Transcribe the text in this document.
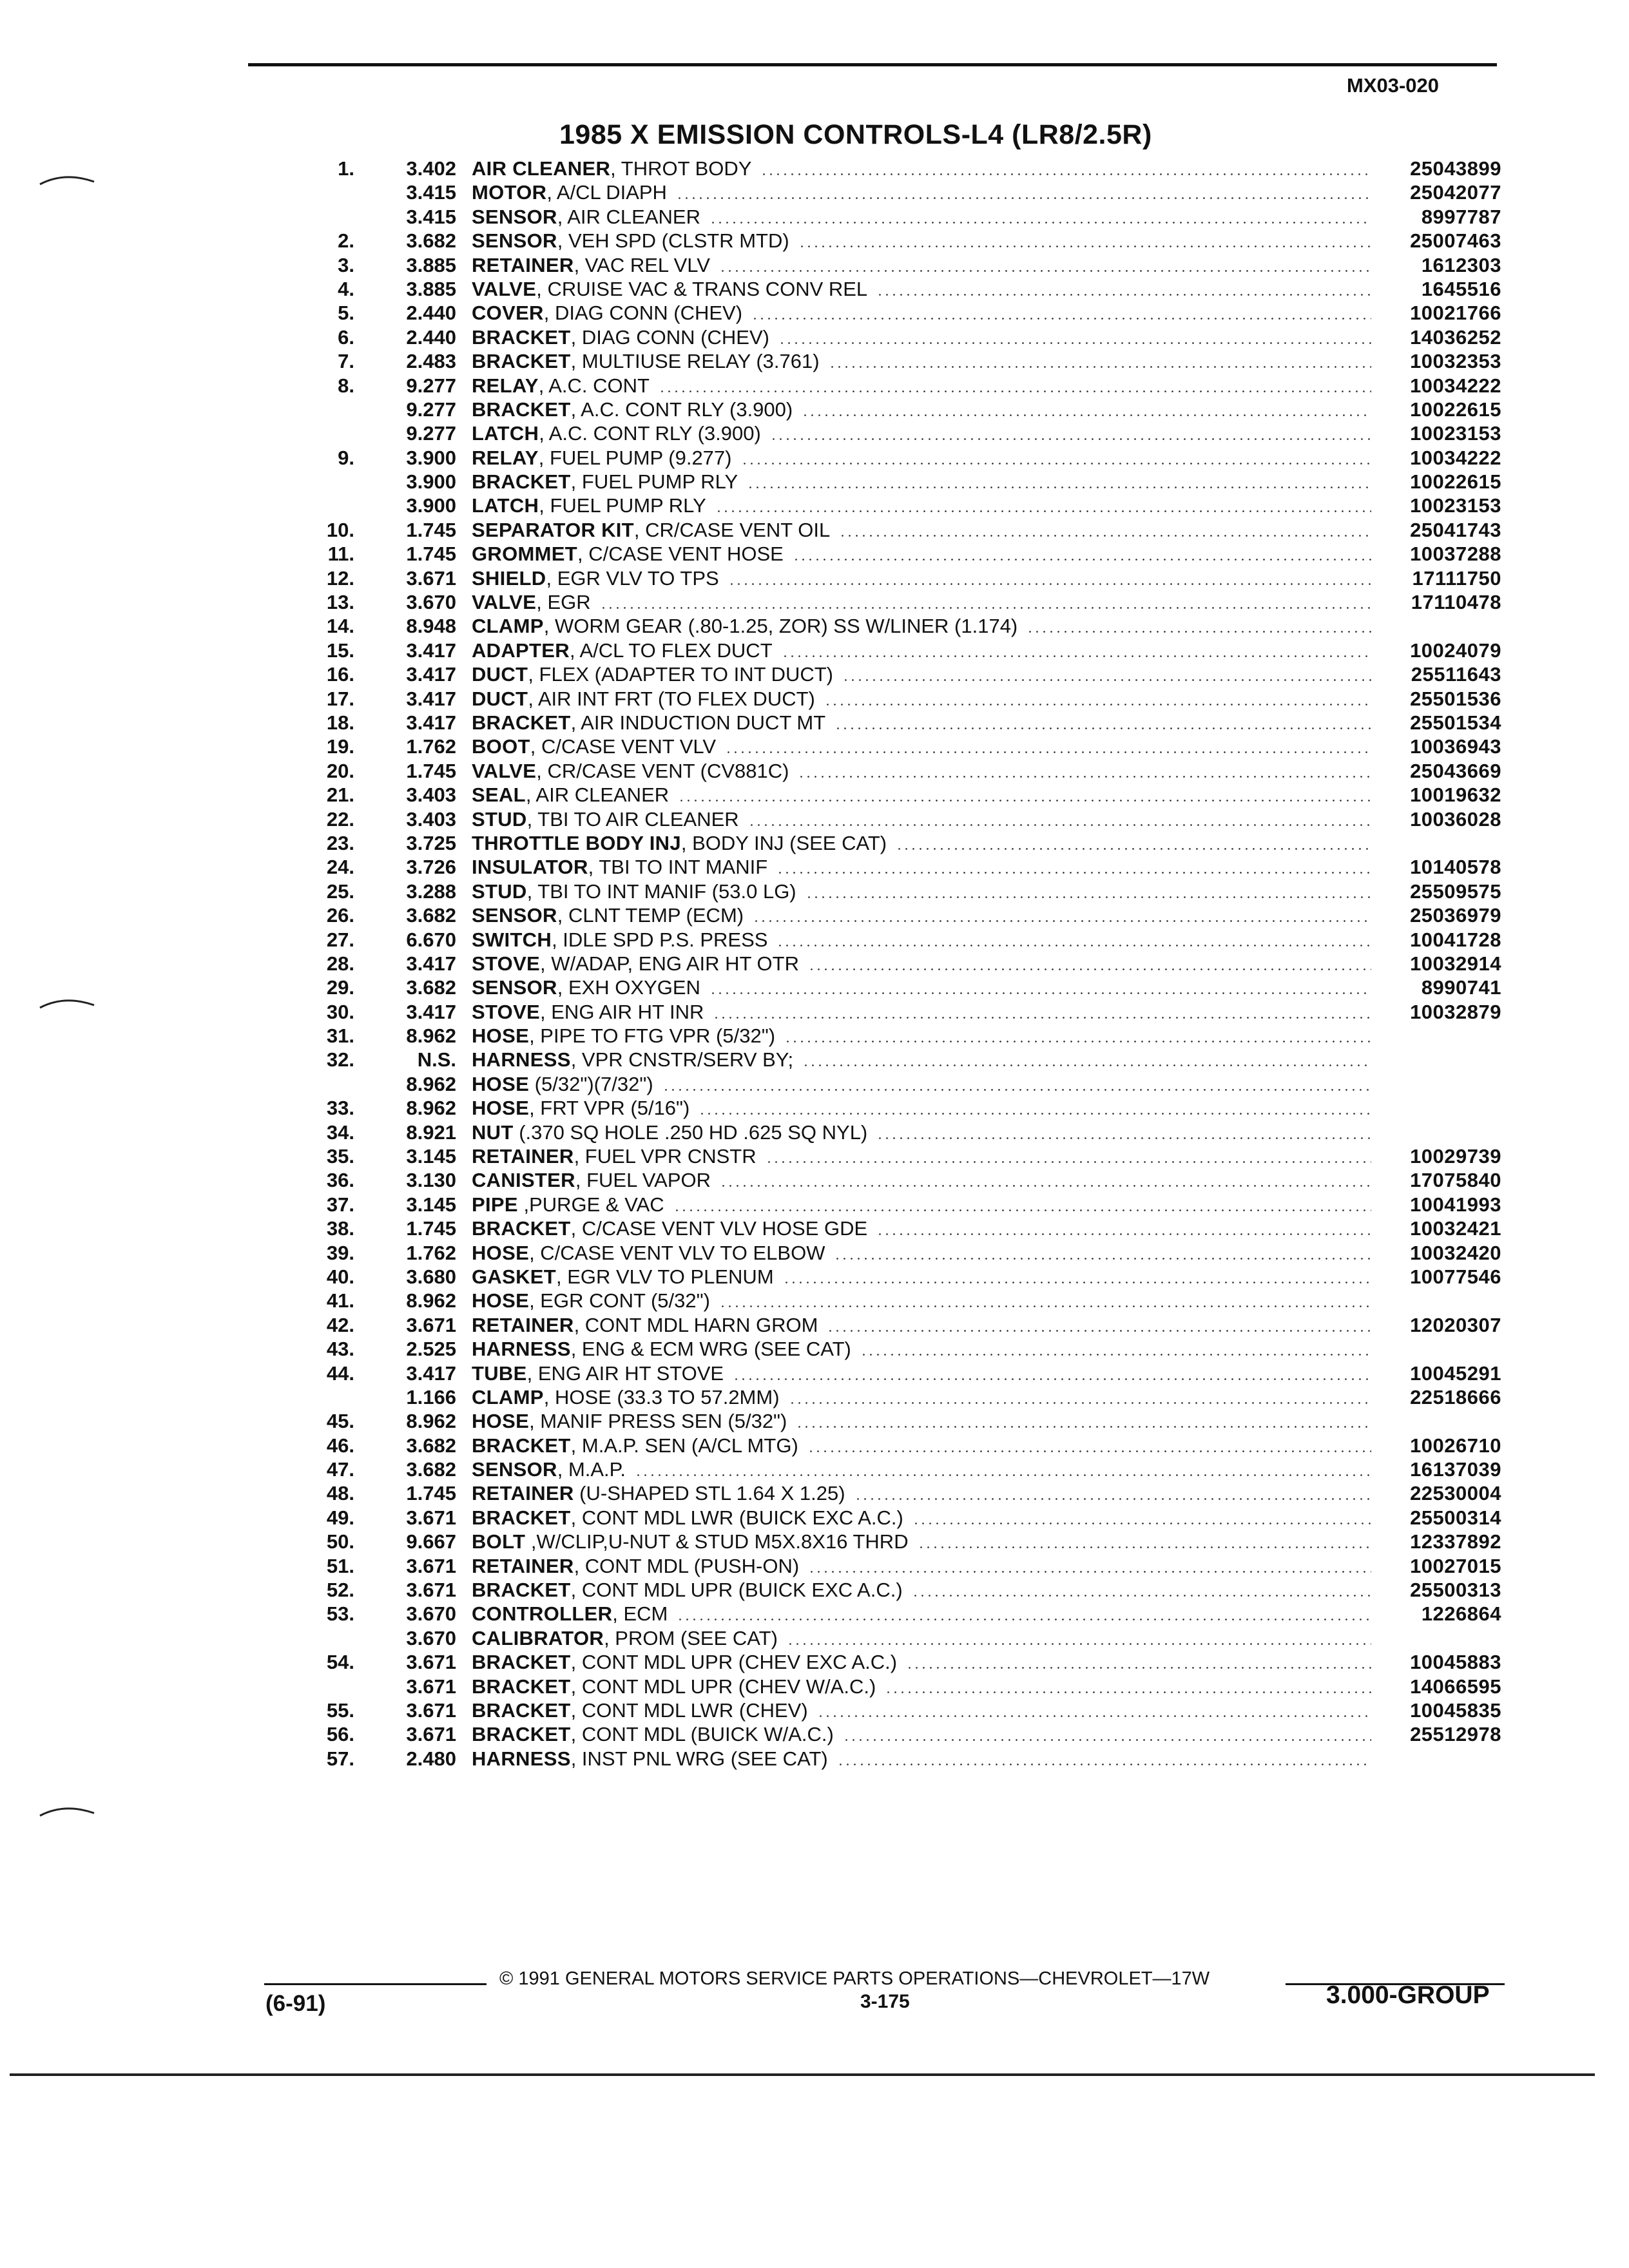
MX03-020
1985 X EMISSION CONTROLS-L4 (LR8/2.5R)
1.	3.402 AIR CLEANER, THROT BODY	25043899
3.415 MOTOR, A/CL DIAPH	25042077
3.415 SENSOR, AIR CLEANER	8997787
2.	3.682 SENSOR, VEH SPD (CLSTR MTD)	25007463
3.	3.885 RETAINER, VAC REL VLV	1612303
4.	3.885 VALVE, CRUISE VAC & TRANS CONV REL	1645516
5.	2.440 COVER, DIAG CONN (CHEV)	10021766
6.	2.440 BRACKET, DIAG CONN (CHEV)	14036252
7.	2.483 BRACKET, MULTIUSE RELAY (3.761)	10032353
8.	9.277 RELAY, A.C. CONT	10034222
9.277 BRACKET, A.C. CONT RLY (3.900)	10022615
9.277 LATCH, A.C. CONT RLY (3.900)	10023153
9.	3.900 RELAY, FUEL PUMP (9.277)	10034222
3.900 BRACKET, FUEL PUMP RLY	10022615
3.900 LATCH, FUEL PUMP RLY	10023153
10.	1.745 SEPARATOR KIT, CR/CASE VENT OIL	25041743
11.	1.745 GROMMET, C/CASE VENT HOSE	10037288
12.	3.671 SHIELD, EGR VLV TO TPS	17111750
13.	3.670 VALVE, EGR	17110478
14.	8.948 CLAMP, WORM GEAR (.80-1.25, ZOR) SS W/LINER (1.174)
15.	3.417 ADAPTER, A/CL TO FLEX DUCT	10024079
16.	3.417 DUCT, FLEX (ADAPTER TO INT DUCT)	25511643
17.	3.417 DUCT, AIR INT FRT (TO FLEX DUCT)	25501536
18.	3.417 BRACKET, AIR INDUCTION DUCT MT	25501534
19.	1.762 BOOT, C/CASE VENT VLV	10036943
20.	1.745 VALVE, CR/CASE VENT (CV881C)	25043669
21.	3.403 SEAL, AIR CLEANER	10019632
22.	3.403 STUD, TBI TO AIR CLEANER	10036028
23.	3.725 THROTTLE BODY INJ, BODY INJ (SEE CAT)
24.	3.726 INSULATOR, TBI TO INT MANIF	10140578
25.	3.288 STUD, TBI TO INT MANIF (53.0 LG)	25509575
26.	3.682 SENSOR, CLNT TEMP (ECM)	25036979
27.	6.670 SWITCH, IDLE SPD P.S. PRESS	10041728
28.	3.417 STOVE, W/ADAP, ENG AIR HT OTR	10032914
29.	3.682 SENSOR, EXH OXYGEN	8990741
30.	3.417 STOVE, ENG AIR HT INR	10032879
31.	8.962 HOSE, PIPE TO FTG VPR (5/32")
32.	N.S. HARNESS, VPR CNSTR/SERV BY;
8.962 HOSE (5/32")(7/32")
33.	8.962 HOSE, FRT VPR (5/16")
34.	8.921 NUT (.370 SQ HOLE .250 HD .625 SQ NYL)
35.	3.145 RETAINER, FUEL VPR CNSTR	10029739
36.	3.130 CANISTER, FUEL VAPOR	17075840
37.	3.145 PIPE ,PURGE & VAC	10041993
38.	1.745 BRACKET, C/CASE VENT VLV HOSE GDE	10032421
39.	1.762 HOSE, C/CASE VENT VLV TO ELBOW	10032420
40.	3.680 GASKET, EGR VLV TO PLENUM	10077546
41.	8.962 HOSE, EGR CONT (5/32")
42.	3.671 RETAINER, CONT MDL HARN GROM	12020307
43.	2.525 HARNESS, ENG & ECM WRG (SEE CAT)
44.	3.417 TUBE, ENG AIR HT STOVE	10045291
1.166 CLAMP, HOSE (33.3 TO 57.2MM)	22518666
45.	8.962 HOSE, MANIF PRESS SEN (5/32")
46.	3.682 BRACKET, M.A.P. SEN (A/CL MTG)	10026710
47.	3.682 SENSOR, M.A.P.	16137039
48.	1.745 RETAINER (U-SHAPED STL 1.64 X 1.25)	22530004
49.	3.671 BRACKET, CONT MDL LWR (BUICK EXC A.C.)	25500314
50.	9.667 BOLT ,W/CLIP,U-NUT & STUD M5X.8X16 THRD	12337892
51.	3.671 RETAINER, CONT MDL (PUSH-ON)	10027015
52.	3.671 BRACKET, CONT MDL UPR (BUICK EXC A.C.)	25500313
53.	3.670 CONTROLLER, ECM	1226864
3.670 CALIBRATOR, PROM (SEE CAT)
54.	3.671 BRACKET, CONT MDL UPR (CHEV EXC A.C.)	10045883
3.671 BRACKET, CONT MDL UPR (CHEV W/A.C.)	14066595
55.	3.671 BRACKET, CONT MDL LWR (CHEV)	10045835
56.	3.671 BRACKET, CONT MDL (BUICK W/A.C.)	25512978
57.	2.480 HARNESS, INST PNL WRG (SEE CAT)
© 1991 GENERAL MOTORS SERVICE PARTS OPERATIONS—CHEVROLET—17W
(6-91)	3-175	3.000-GROUP
